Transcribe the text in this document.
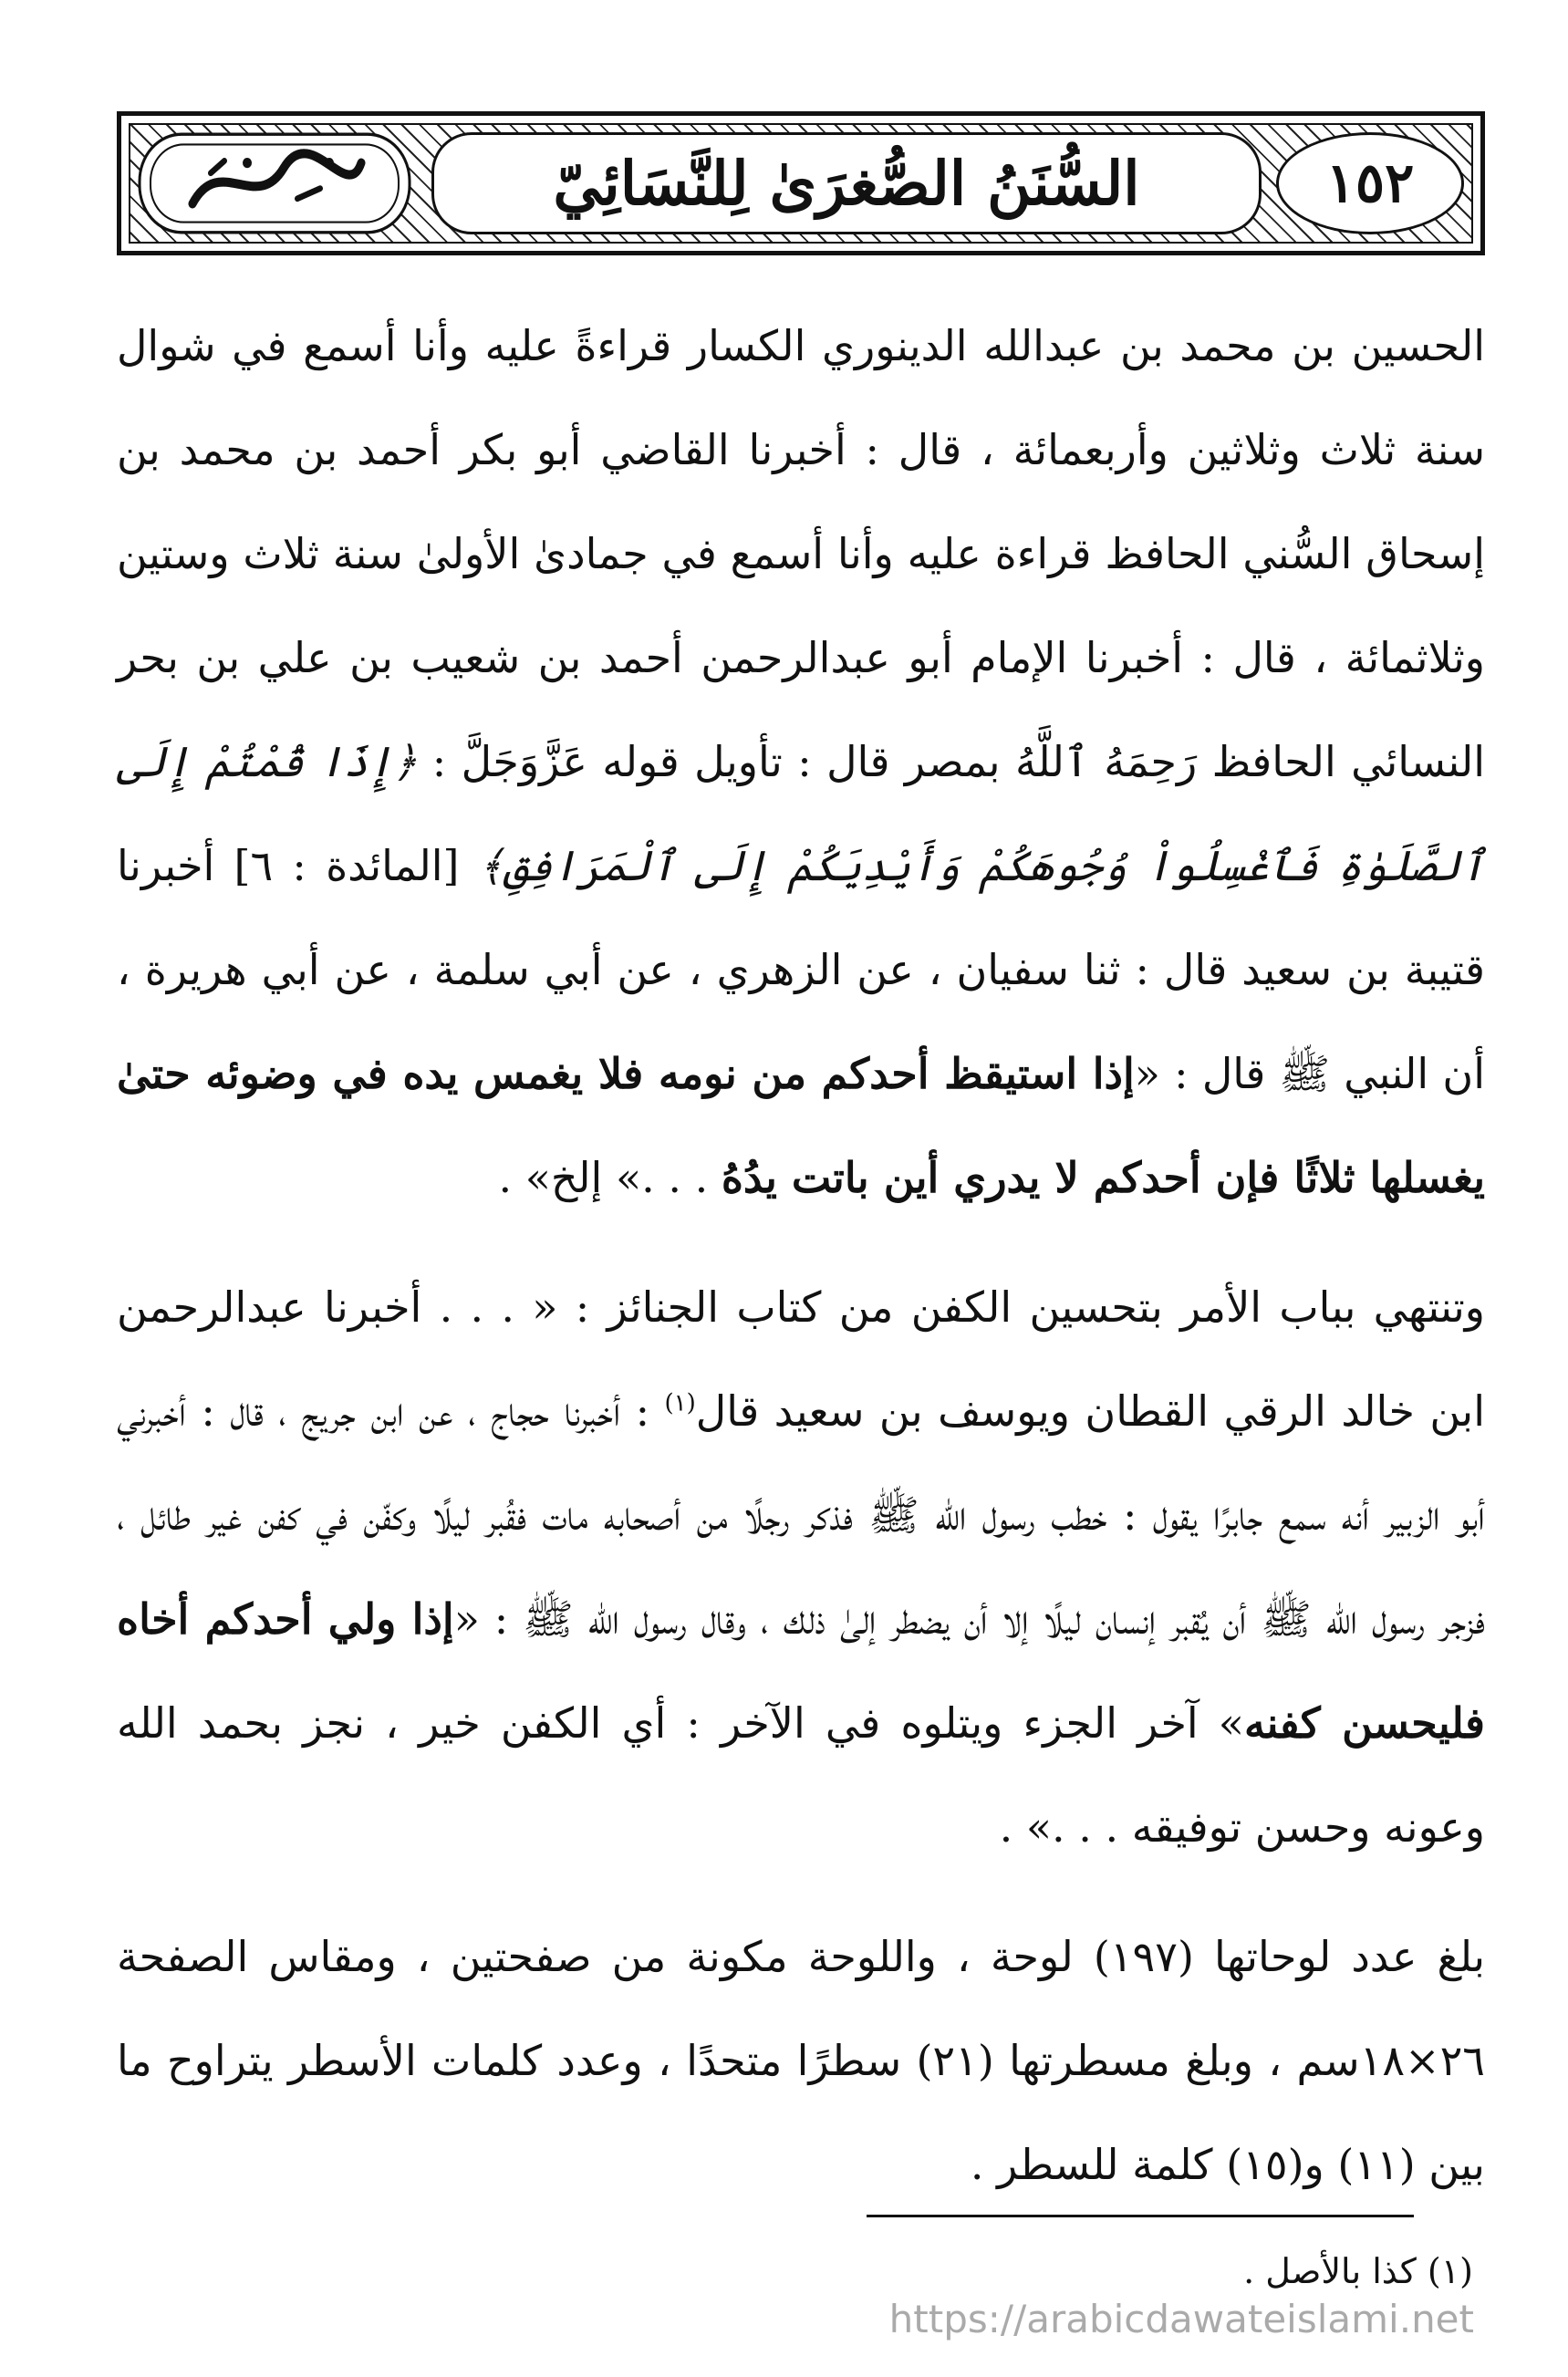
السُّنَنُ الصُّغرَىٰ لِلنَّسَائِيّ	١٥٢

الحسين بن محمد بن عبدالله الدينوري الكسار قراءةً عليه وأنا أسمع في شوال سنة ثلاث وثلاثين وأربعمائة ، قال : أخبرنا القاضي أبو بكر أحمد بن محمد بن إسحاق السُّني الحافظ قراءة عليه وأنا أسمع في جمادىٰ الأولىٰ سنة ثلاث وستين وثلاثمائة ، قال : أخبرنا الإمام أبو عبدالرحمن أحمد بن شعيب بن علي بن بحر النسائي الحافظ رَحِمَهُ ٱللَّهُ بمصر قال : تأويل قوله عَزَّوَجَلَّ : ﴿إِذَا قُمْتُمْ إِلَى ٱلصَّلَوٰةِ فَٱغْسِلُواْ وُجُوهَكُمْ وَأَيْدِيَكُمْ إِلَى ٱلْمَرَافِقِ﴾ [المائدة : ٦] أخبرنا قتيبة بن سعيد قال : ثنا سفيان ، عن الزهري ، عن أبي سلمة ، عن أبي هريرة ، أن النبي ﷺ قال : «إذا استيقظ أحدكم من نومه فلا يغمس يده في وضوئه حتىٰ يغسلها ثلاثًا فإن أحدكم لا يدري أين باتت يدُهُ . . .» إلخ» .

وتنتهي بباب الأمر بتحسين الكفن من كتاب الجنائز : « . . . أخبرنا عبدالرحمن ابن خالد الرقي القطان ويوسف بن سعيد قال$^{(١)}$ : أخبرنا حجاج ، عن ابن جريج ، قال : أخبرني أبو الزبير أنه سمع جابرًا يقول : خطب رسول الله ﷺ فذكر رجلًا من أصحابه مات فقُبر ليلًا وكفّن في كفن غير طائل ، فزجر رسول الله ﷺ أن يُقبر إنسان ليلًا إلا أن يضطر إلىٰ ذلك ، وقال رسول الله ﷺ : «إذا ولي أحدكم أخاه فليحسن كفنه» آخر الجزء ويتلوه في الآخر : أي الكفن خير ، نجز بحمد الله وعونه وحسن توفيقه . . .» .

بلغ عدد لوحاتها (١٩٧) لوحة ، واللوحة مكونة من صفحتين ، ومقاس الصفحة ٢٦×١٨سم ، وبلغ مسطرتها (٢١) سطرًا متحدًا ، وعدد كلمات الأسطر يتراوح ما بين (١١) و(١٥) كلمة للسطر .

(١) كذا بالأصل .
https://arabicdawateislami.net
